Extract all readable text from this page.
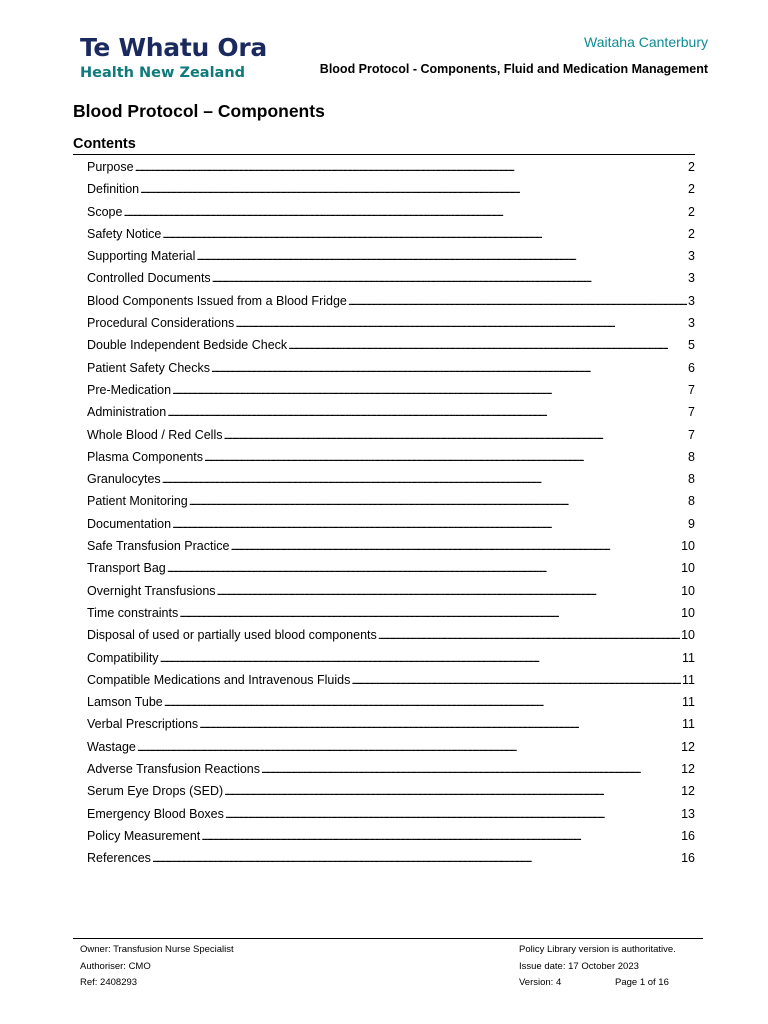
Te Whatu Ora
Health New Zealand
Waitaha Canterbury
Blood Protocol - Components, Fluid and Medication Management
Blood Protocol – Components
Contents
Purpose . . .	2
Definition . . .	2
Scope . . .	2
Safety Notice . . .	2
Supporting Material . . .	3
Controlled Documents . . .	3
Blood Components Issued from a Blood Fridge . . .	3
Procedural Considerations . . .	3
Double Independent Bedside Check . . .	5
Patient Safety Checks . . .	6
Pre-Medication . . .	7
Administration . . .	7
Whole Blood / Red Cells . . .	7
Plasma Components . . .	8
Granulocytes . . .	8
Patient Monitoring . . .	8
Documentation . . .	9
Safe Transfusion Practice . . .	10
Transport Bag . . .	10
Overnight Transfusions . . .	10
Time constraints . . .	10
Disposal of used or partially used blood components . . .	10
Compatibility . . .	11
Compatible Medications and Intravenous Fluids . . .	11
Lamson Tube . . .	11
Verbal Prescriptions . . .	11
Wastage . . .	12
Adverse Transfusion Reactions . . .	12
Serum Eye Drops (SED) . . .	12
Emergency Blood Boxes . . .	13
Policy Measurement . . .	16
References . . .	16
Owner: Transfusion Nurse Specialist
Authoriser: CMO
Ref: 2408293
Policy Library version is authoritative.
Issue date: 17 October 2023
Version: 4	Page 1 of 16
